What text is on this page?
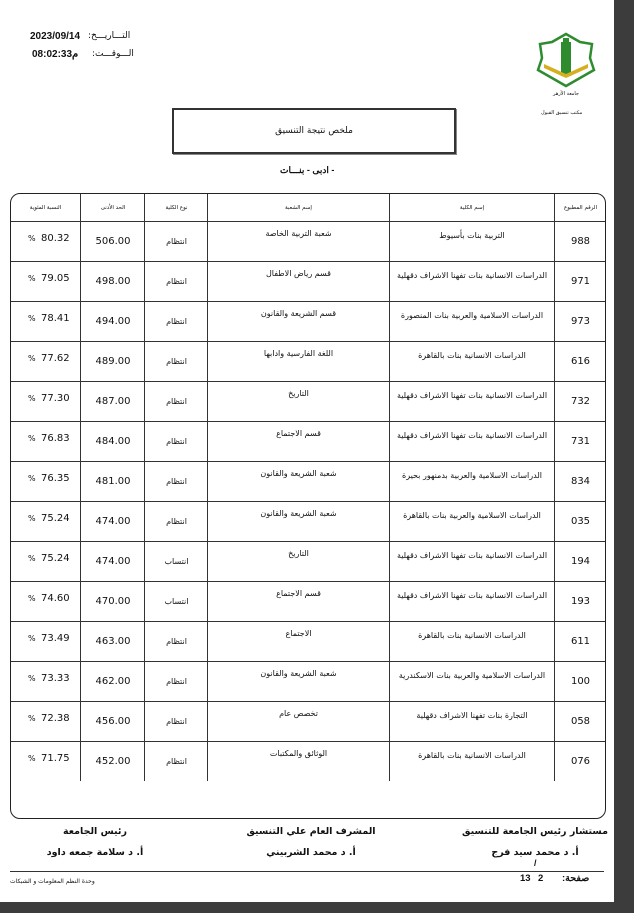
2023/09/14 التـــاريـــخ:
08:02:33م الـــوقـــت:
جامعة الأزهر
مكتب تنسيق القبول
ملخص نتيجة التنسيق
- ادبى - بنـــات
الرقم المطبوع
إسم الكلية
إسم الشعبة
نوع الكلية
الحد الأدنى
النسبة المئوية
988
التربية بنات بأسيوط
شعبة التربية الخاصة
انتظام
506.00
% 80.32
971
الدراسات الانسانية بنات تفهنا الاشراف دقهلية
قسم رياض الاطفال
انتظام
498.00
% 79.05
973
الدراسات الاسلامية والعربية بنات المنصورة
قسم الشريعة والقانون
انتظام
494.00
% 78.41
616
الدراسات الانسانية بنات بالقاهرة
اللغة الفارسية وادابها
انتظام
489.00
% 77.62
732
الدراسات الانسانية بنات تفهنا الاشراف دقهلية
التاريخ
انتظام
487.00
% 77.30
731
الدراسات الانسانية بنات تفهنا الاشراف دقهلية
قسم الاجتماع
انتظام
484.00
% 76.83
834
الدراسات الاسلامية والعربية بدمنهور بحيرة
شعبة الشريعة والقانون
انتظام
481.00
% 76.35
035
الدراسات الاسلامية والعربية بنات بالقاهرة
شعبة الشريعة والقانون
انتظام
474.00
% 75.24
194
الدراسات الانسانية بنات تفهنا الاشراف دقهلية
التاريخ
انتساب
474.00
% 75.24
193
الدراسات الانسانية بنات تفهنا الاشراف دقهلية
قسم الاجتماع
انتساب
470.00
% 74.60
611
الدراسات الانسانية بنات بالقاهرة
الاجتماع
انتظام
463.00
% 73.49
100
الدراسات الاسلامية والعربية بنات الاسكندرية
شعبة الشريعة والقانون
انتظام
462.00
% 73.33
058
التجارة بنات تفهنا الاشراف دقهلية
تخصص عام
انتظام
456.00
% 72.38
076
الدراسات الانسانية بنات بالقاهرة
الوثائق والمكتبات
انتظام
452.00
% 71.75
مستشار رئيس الجامعة للتنسيق
أ. د محمد سيد فرج
المشرف العام علي التنسيق
أ. د محمد الشربيني
رئيس الجامعة
أ. د سلامة جمعه داود
/
صفحة:
2
13
وحدة النظم المعلومات و الشبكات
